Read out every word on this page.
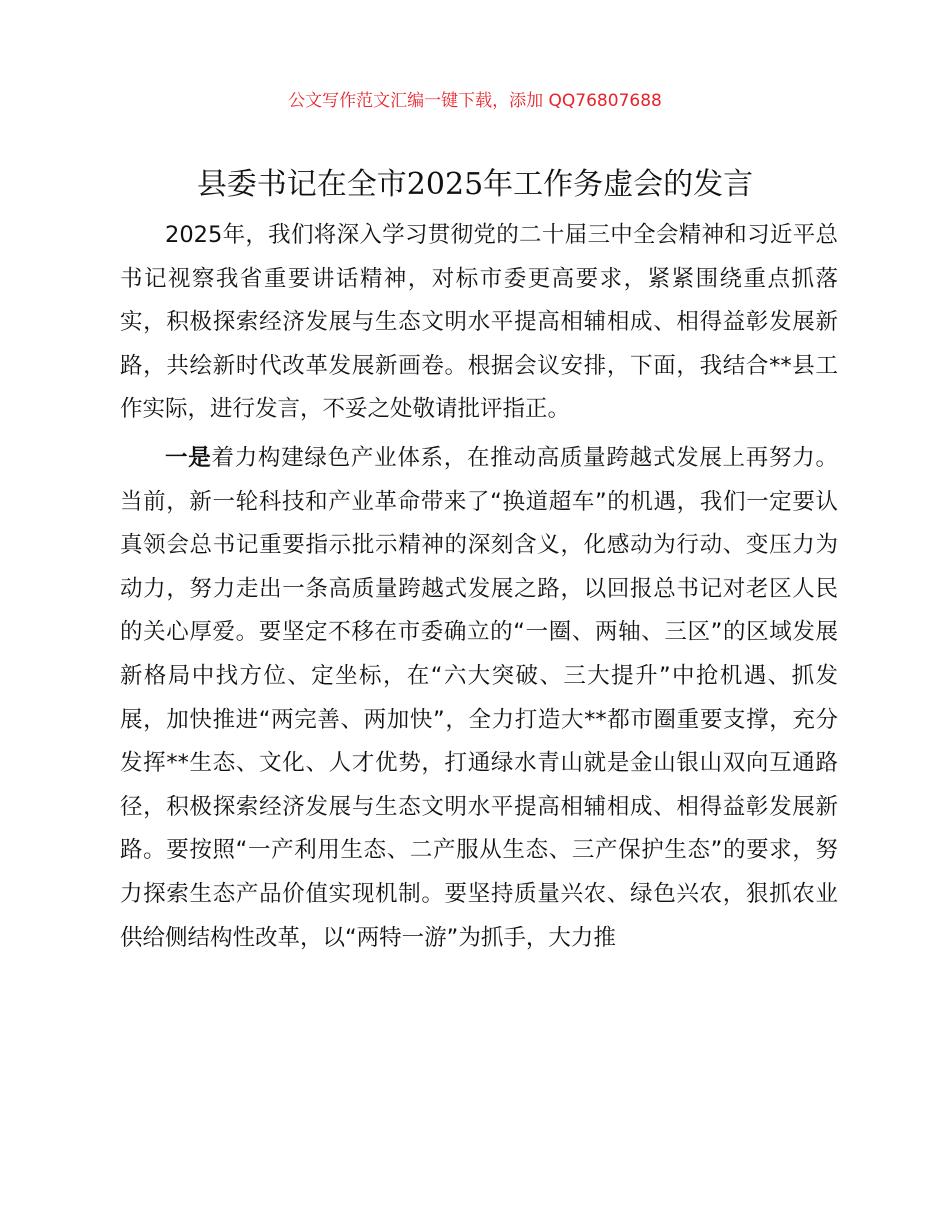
公文写作范文汇编一键下载，添加 QQ76807688
县委书记在全市2025年工作务虚会的发言

2025年，我们将深入学习贯彻党的二十届三中全会精神和习近平总书记视察我省重要讲话精神，对标市委更高要求，紧紧围绕重点抓落实，积极探索经济发展与生态文明水平提高相辅相成、相得益彰发展新路，共绘新时代改革发展新画卷。根据会议安排，下面，我结合**县工作实际，进行发言，不妥之处敬请批评指正。

一是着力构建绿色产业体系，在推动高质量跨越式发展上再努力。当前，新一轮科技和产业革命带来了“换道超车”的机遇，我们一定要认真领会总书记重要指示批示精神的深刻含义，化感动为行动、变压力为动力，努力走出一条高质量跨越式发展之路，以回报总书记对老区人民的关心厚爱。要坚定不移在市委确立的“一圈、两轴、三区”的区域发展新格局中找方位、定坐标，在“六大突破、三大提升”中抢机遇、抓发展，加快推进“两完善、两加快”，全力打造大**都市圈重要支撑，充分发挥**生态、文化、人才优势，打通绿水青山就是金山银山双向互通路径，积极探索经济发展与生态文明水平提高相辅相成、相得益彰发展新路。要按照“一产利用生态、二产服从生态、三产保护生态”的要求，努力探索生态产品价值实现机制。要坚持质量兴农、绿色兴农，狠抓农业供给侧结构性改革，以“两特一游”为抓手，大力推
